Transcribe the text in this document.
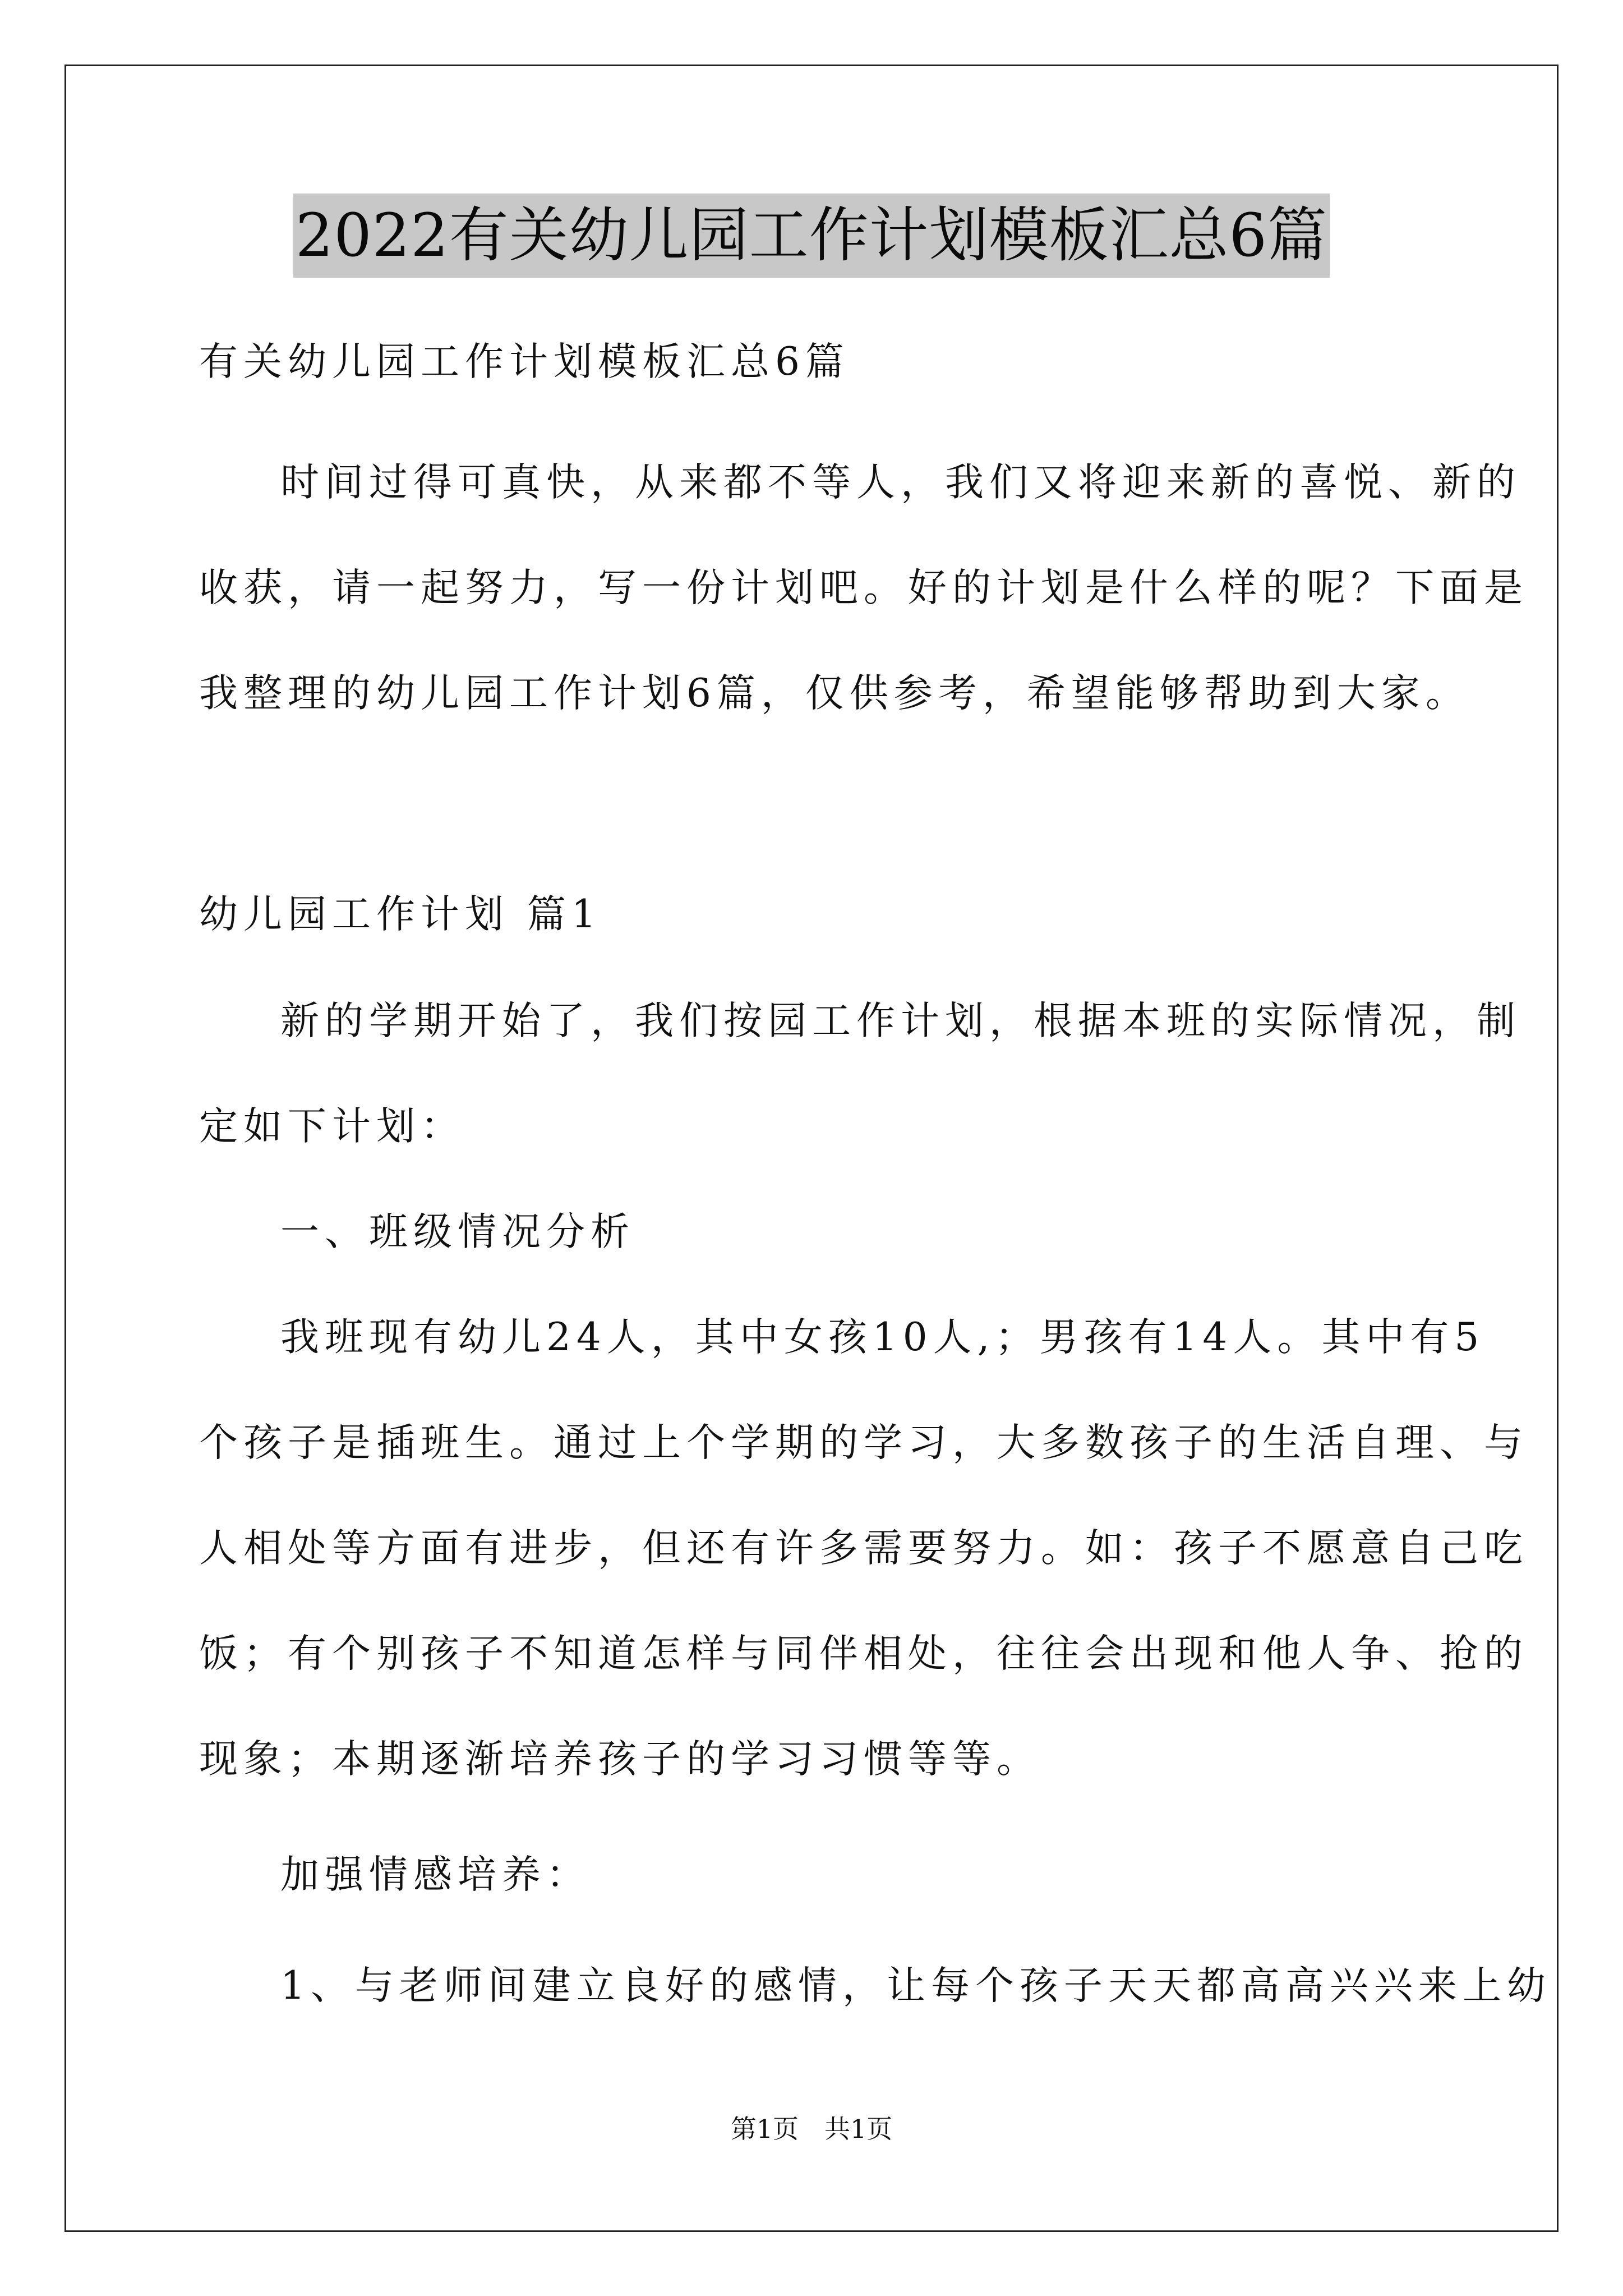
2022有关幼儿园工作计划模板汇总6篇
有关幼儿园工作计划模板汇总6篇
时间过得可真快，从来都不等人，我们又将迎来新的喜悦、新的
收获，请一起努力，写一份计划吧。好的计划是什么样的呢？下面是
我整理的幼儿园工作计划6篇，仅供参考，希望能够帮助到大家。
幼儿园工作计划 篇1
新的学期开始了，我们按园工作计划，根据本班的实际情况，制
定如下计划：
一、班级情况分析
我班现有幼儿24人，其中女孩10人,；男孩有14人。其中有5
个孩子是插班生。通过上个学期的学习，大多数孩子的生活自理、与
人相处等方面有进步，但还有许多需要努力。如：孩子不愿意自己吃
饭；有个别孩子不知道怎样与同伴相处，往往会出现和他人争、抢的
现象；本期逐渐培养孩子的学习习惯等等。
加强情感培养：
1、与老师间建立良好的感情，让每个孩子天天都高高兴兴来上幼
第1页　共1页
